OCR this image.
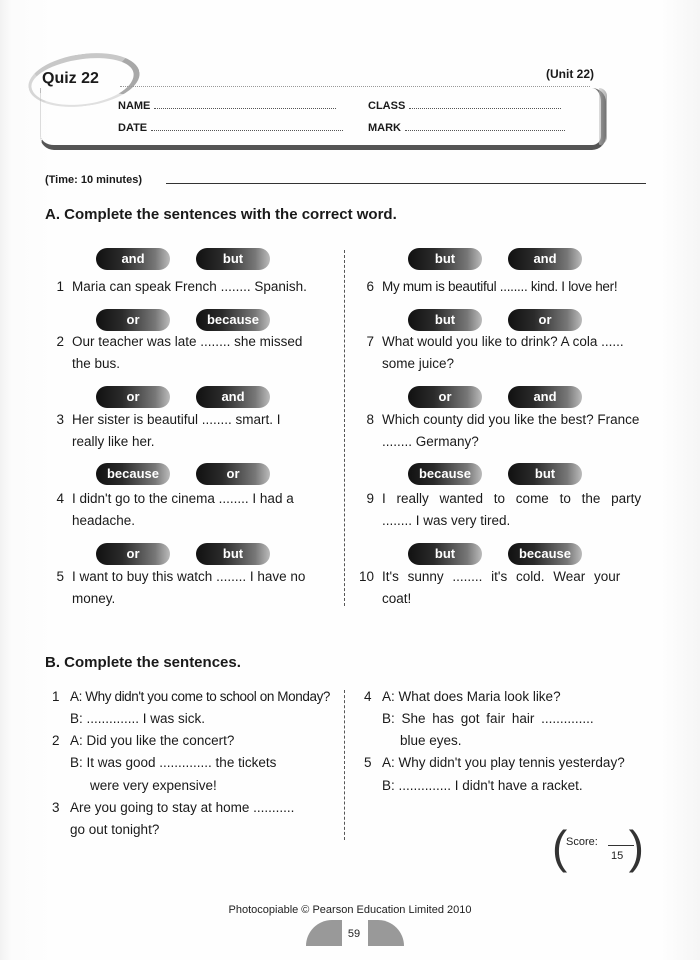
Quiz 22	(Unit 22)
NAME
DATE
CLASS
MARK
(Time: 10 minutes)
A. Complete the sentences with the correct word.
and	but
1 Maria can speak French ........ Spanish.
or	because
2 Our teacher was late ........ she missed
the bus.
or	and
3 Her sister is beautiful ........ smart. I
really like her.
because	or
4 I didn't go to the cinema ........ I had a
headache.
or	but
5 I want to buy this watch ........ I have no
money.
but	and
6 My mum is beautiful ........ kind. I love her!
but	or
7 What would you like to drink? A cola ......
some juice?
or	and
8 Which county did you like the best? France
........ Germany?
because	but
9 I really wanted to come to the party
........ I was very tired.
but	because
10 It's sunny ........ it's cold. Wear your
coat!
B. Complete the sentences.
1 A: Why didn't you come to school on Monday?
B: .............. I was sick.
2 A: Did you like the concert?
B: It was good .............. the tickets
were very expensive!
3 Are you going to stay at home ...........
go out tonight?
4 A: What does Maria look like?
B: She has got fair hair ..............
blue eyes.
5 A: Why didn't you play tennis yesterday?
B: .............. I didn't have a racket.
(
Score:
15 )
Photocopiable © Pearson Education Limited 2010
59
